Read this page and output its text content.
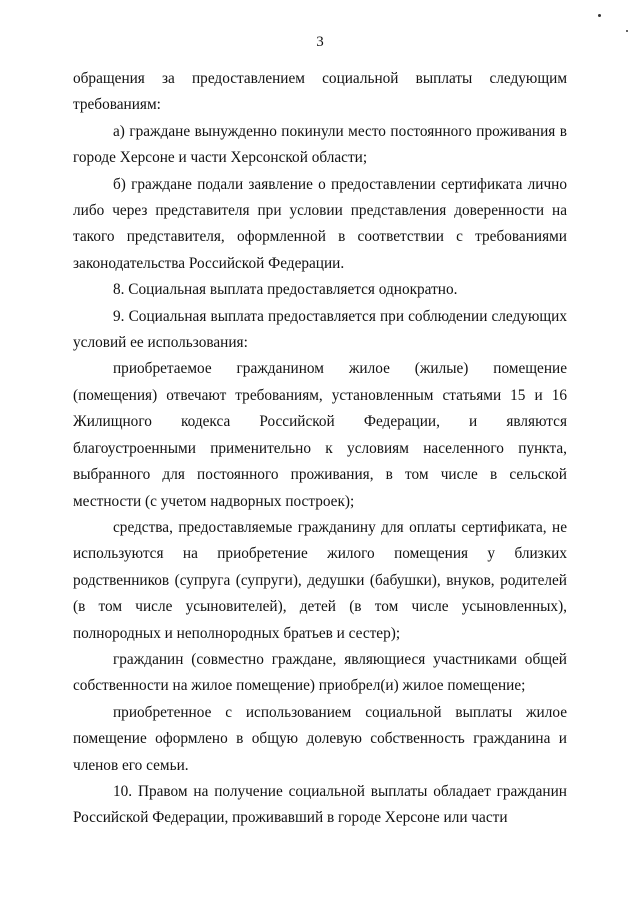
3

обращения за предоставлением социальной выплаты следующим требованиям:

а) граждане вынужденно покинули место постоянного проживания в городе Херсоне и части Херсонской области;

б) граждане подали заявление о предоставлении сертификата лично либо через представителя при условии представления доверенности на такого представителя, оформленной в соответствии с требованиями законодательства Российской Федерации.

8. Социальная выплата предоставляется однократно.

9. Социальная выплата предоставляется при соблюдении следующих условий ее использования:

приобретаемое гражданином жилое (жилые) помещение (помещения) отвечают требованиям, установленным статьями 15 и 16 Жилищного кодекса Российской Федерации, и являются благоустроенными применительно к условиям населенного пункта, выбранного для постоянного проживания, в том числе в сельской местности (с учетом надворных построек);

средства, предоставляемые гражданину для оплаты сертификата, не используются на приобретение жилого помещения у близких родственников (супруга (супруги), дедушки (бабушки), внуков, родителей (в том числе усыновителей), детей (в том числе усыновленных), полнородных и неполнородных братьев и сестер);

гражданин (совместно граждане, являющиеся участниками общей собственности на жилое помещение) приобрел(и) жилое помещение;

приобретенное с использованием социальной выплаты жилое помещение оформлено в общую долевую собственность гражданина и членов его семьи.

10. Правом на получение социальной выплаты обладает гражданин Российской Федерации, проживавший в городе Херсоне или части
